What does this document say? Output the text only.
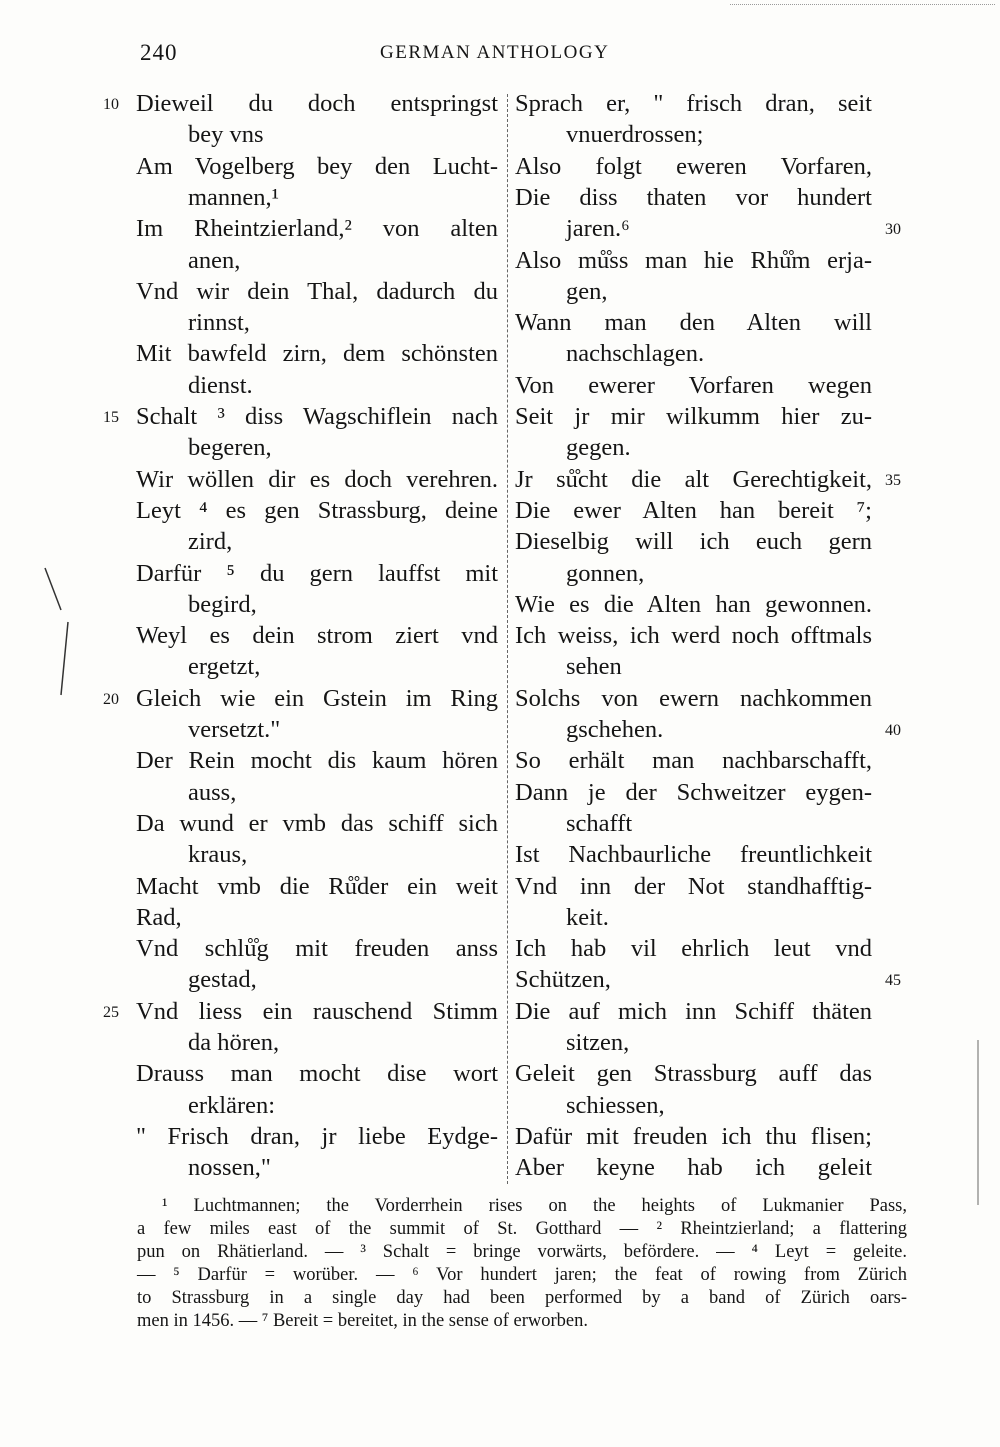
240	GERMAN ANTHOLOGY
Dieweil du doch entspringst
10
bey vns
Am Vogelberg bey den Lucht-
mannen,¹
Im Rheintzierland,² von alten
anen,
Vnd wir dein Thal, dadurch du
rinnst,
Mit bawfeld zirn, dem schönsten
dienst.
Schalt ³ diss Wagschiflein nach
15
begeren,
Wir wöllen dir es doch verehren.
Leyt ⁴ es gen Strassburg, deine
zird,
Darfür ⁵ du gern lauffst mit
begird,
Weyl es dein strom ziert vnd
ergetzt,
Gleich wie ein Gstein im Ring
20
versetzt."
Der Rein mocht dis kaum hören
auss,
Da wund er vmb das schiff sich
kraus,
Macht vmb die Rů̊der ein weit
Rad,
Vnd schlů̊g mit freuden anss
gestad,
Vnd liess ein rauschend Stimm
25
da hören,
Drauss man mocht dise wort
erklären:
" Frisch dran, jr liebe Eydge-
nossen,"
Sprach er, " frisch dran, seit
vnuerdrossen;
Also folgt eweren Vorfaren,
Die diss thaten vor hundert
jaren.⁶	30
Also mů̊ss man hie Rhů̊m erja-
gen,
Wann man den Alten will
nachschlagen.
Von ewerer Vorfaren wegen
Seit jr mir wilkumm hier zu-
gegen.
Jr sů̊cht die alt Gerechtigkeit, 35
Die ewer Alten han bereit ⁷;
Dieselbig will ich euch gern
gonnen,
Wie es die Alten han gewonnen.
Ich weiss, ich werd noch offtmals
sehen
Solchs von ewern nachkommen
gschehen.	40
So erhält man nachbarschafft,
Dann je der Schweitzer eygen-
schafft
Ist Nachbaurliche freuntlichkeit
Vnd inn der Not standhafftig-
keit.
Ich hab vil ehrlich leut vnd
Schützen,	45
Die auf mich inn Schiff thäten
sitzen,
Geleit gen Strassburg auff das
schiessen,
Dafür mit freuden ich thu flisen;
Aber keyne hab ich geleit
¹ Luchtmannen; the Vorderrhein rises on the heights of Lukmanier Pass,
a few miles east of the summit of St. Gotthard — ² Rheintzierland; a flattering
pun on Rhätierland. — ³ Schalt = bringe vorwärts, befördere. — ⁴ Leyt = geleite.
— ⁵ Darfür = worüber. — ⁶ Vor hundert jaren; the feat of rowing from Zürich
to Strassburg in a single day had been performed by a band of Zürich oars-
men in 1456. — ⁷ Bereit = bereitet, in the sense of erworben.
